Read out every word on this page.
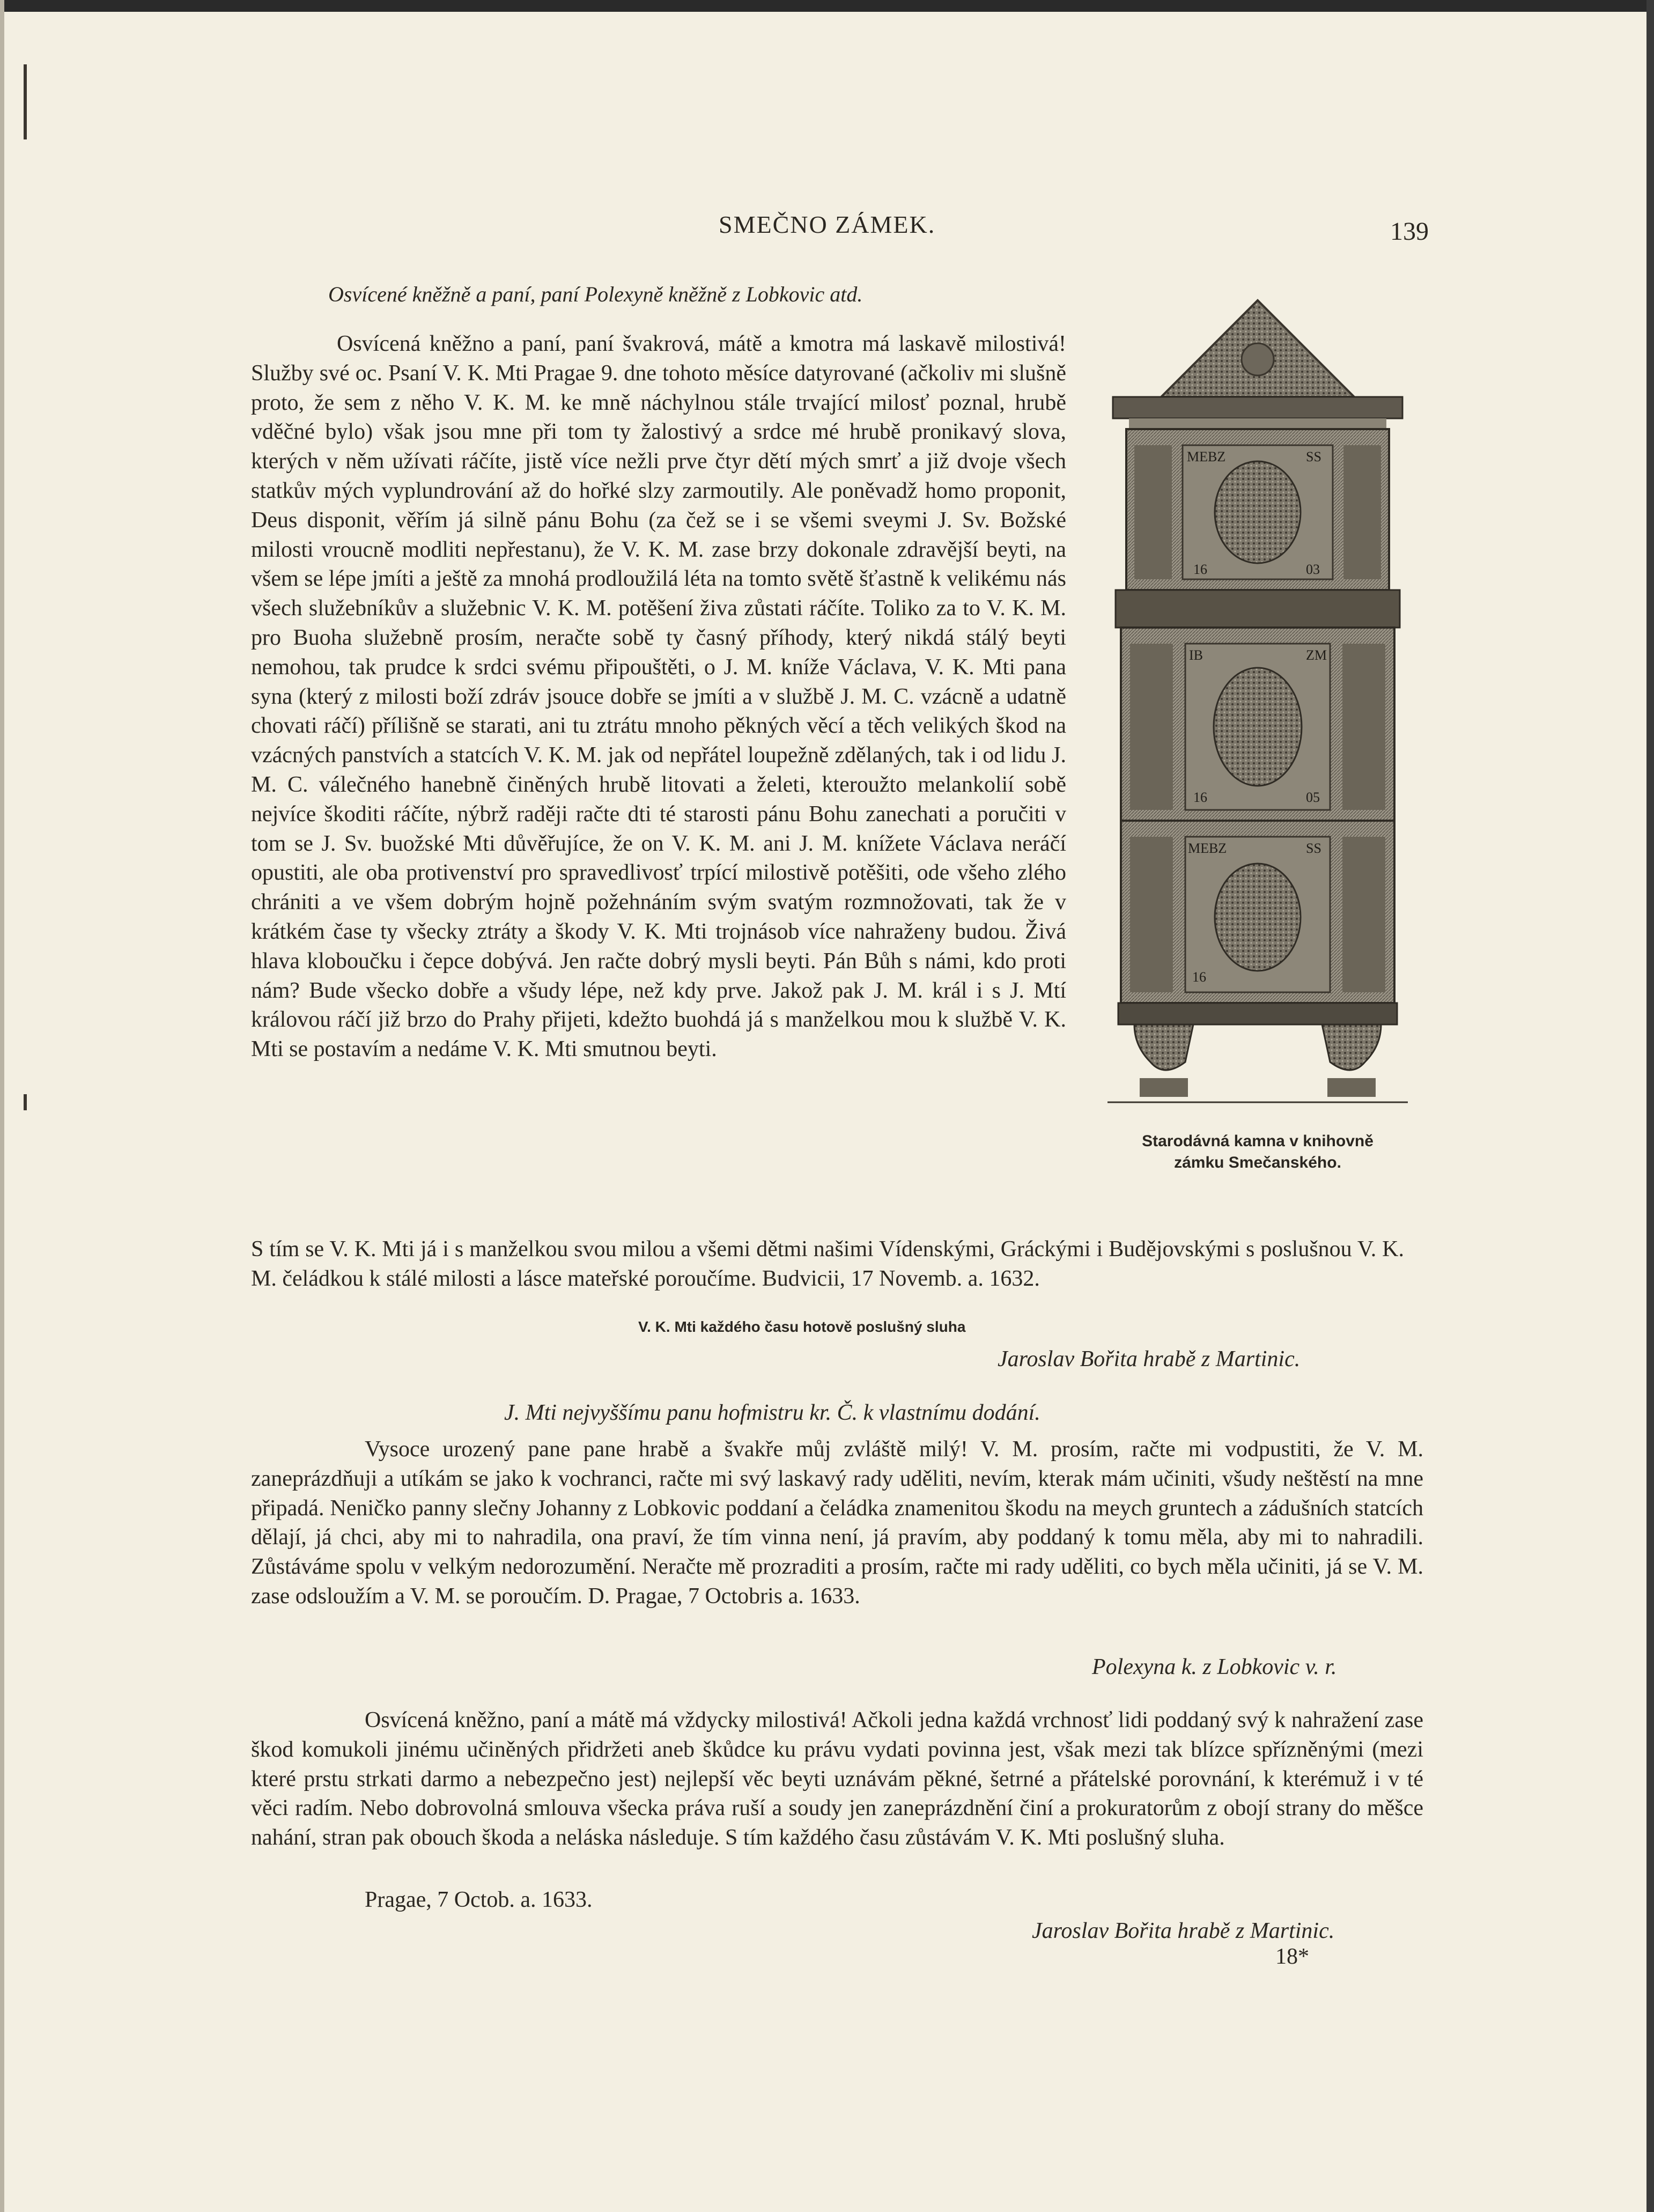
SMEČNO ZÁMEK.	139
Osvícené kněžně a paní, paní Polexyně kněžně z Lobkovic atd.
Osvícená kněžno a paní, paní švakrová, mátě a kmotra má laskavě milostivá! Služby své oc. Psaní V. K. Mti Pragae 9. dne tohoto měsíce datyrované (ačkoliv mi slušně proto, že sem z něho V. K. M. ke mně náchylnou stále trvající milosť poznal, hrubě vděčné bylo) však jsou mne při tom ty žalostivý a srdce mé hrubě pronikavý slova, kterých v něm užívati ráčíte, jistě více nežli prve čtyr dětí mých smrť a již dvoje všech statkův mých vyplundrování až do hořké slzy zarmoutily. Ale poněvadž homo proponit, Deus disponit, věřím já silně pánu Bohu (za čež se i se všemi sveymi J. Sv. Božské milosti vroucně modliti nepřestanu), že V. K. M. zase brzy dokonale zdravější beyti, na všem se lépe jmíti a ještě za mnohá prodloužilá léta na tomto světě šťastně k velikému nás všech služebníkův a služebnic V. K. M. potěšení živa zůstati ráčíte. Toliko za to V. K. M. pro Buoha služebně prosím, neračte sobě ty časný příhody, který nikdá stálý beyti nemohou, tak prudce k srdci svému připouštěti, o J. M. kníže Václava, V. K. Mti pana syna (který z milosti boží zdráv jsouce dobře se jmíti a v službě J. M. C. vzácně a udatně chovati ráčí) přílišně se starati, ani tu ztrátu mnoho pěkných věcí a těch velikých škod na vzácných panstvích a statcích V. K. M. jak od nepřátel loupežně zdělaných, tak i od lidu J. M. C. válečného hanebně činěných hrubě litovati a želeti, kteroužto melankolií sobě nejvíce škoditi ráčíte, nýbrž raději račte dti té starosti pánu Bohu zanechati a poručiti v tom se J. Sv. buožské Mti důvěřujíce, že on V. K. M. ani J. M. knížete Václava neráčí opustiti, ale oba protivenství pro spravedlivosť trpící milostivě potěšiti, ode všeho zlého chrániti a ve všem dobrým hojně požehnáním svým svatým rozmnožovati, tak že v krátkém čase ty všecky ztráty a škody V. K. Mti trojnásob více nahraženy budou. Živá hlava kloboučku i čepce dobývá. Jen račte dobrý mysli beyti. Pán Bůh s námi, kdo proti nám? Bude všecko dobře a všudy lépe, než kdy prve. Jakož pak J. M. král i s J. Mtí královou ráčí již brzo do Prahy přijeti, kdežto buohdá já s manželkou mou k službě V. K. Mti se postavím a nedáme V. K. Mti smutnou beyti.
S tím se V. K. Mti já i s manželkou svou milou a všemi dětmi našimi Vídenskými, Gráckými i Budějovskými s poslušnou V. K. M. čeládkou k stálé milosti a lásce mateřské poroučíme. Budvicii, 17 Novemb. a. 1632.
MEBZ	SS
16	03
IB	ZM
16	05
MEBZ	SS
16
Starodávná kamna v knihovně
zámku Smečanského.
V. K. Mti každého času hotově poslušný sluha
Jaroslav Bořita hrabě z Martinic.
J. Mti nejvyššímu panu hofmistru kr. Č. k vlastnímu dodání.
Vysoce urozený pane pane hrabě a švakře můj zvláště milý! V. M. prosím, račte mi vodpustiti, že V. M. zaneprázdňuji a utíkám se jako k vochranci, račte mi svý laskavý rady uděliti, nevím, kterak mám učiniti, všudy neštěstí na mne připadá. Neničko panny slečny Johanny z Lobkovic poddaní a čeládka znamenitou škodu na meych gruntech a zádušních statcích dělají, já chci, aby mi to nahradila, ona praví, že tím vinna není, já pravím, aby poddaný k tomu měla, aby mi to nahradili. Zůstáváme spolu v velkým nedorozumění. Neračte mě prozraditi a prosím, račte mi rady uděliti, co bych měla učiniti, já se V. M. zase odsloužím a V. M. se poroučím. D. Pragae, 7 Octobris a. 1633.
Polexyna k. z Lobkovic v. r.
Osvícená kněžno, paní a mátě má vždycky milostivá! Ačkoli jedna každá vrchnosť lidi poddaný svý k nahražení zase škod komukoli jinému učiněných přidržeti aneb škůdce ku právu vydati povinna jest, však mezi tak blízce spřízněnými (mezi které prstu strkati darmo a nebezpečno jest) nejlepší věc beyti uznávám pěkné, šetrné a přátelské porovnání, k kterémuž i v té věci radím. Nebo dobrovolná smlouva všecka práva ruší a soudy jen zaneprázdnění činí a prokuratorům z obojí strany do měšce nahání, stran pak obouch škoda a neláska následuje. S tím každého času zůstávám V. K. Mti poslušný sluha.
Pragae, 7 Octob. a. 1633.
Jaroslav Bořita hrabě z Martinic.
18*
